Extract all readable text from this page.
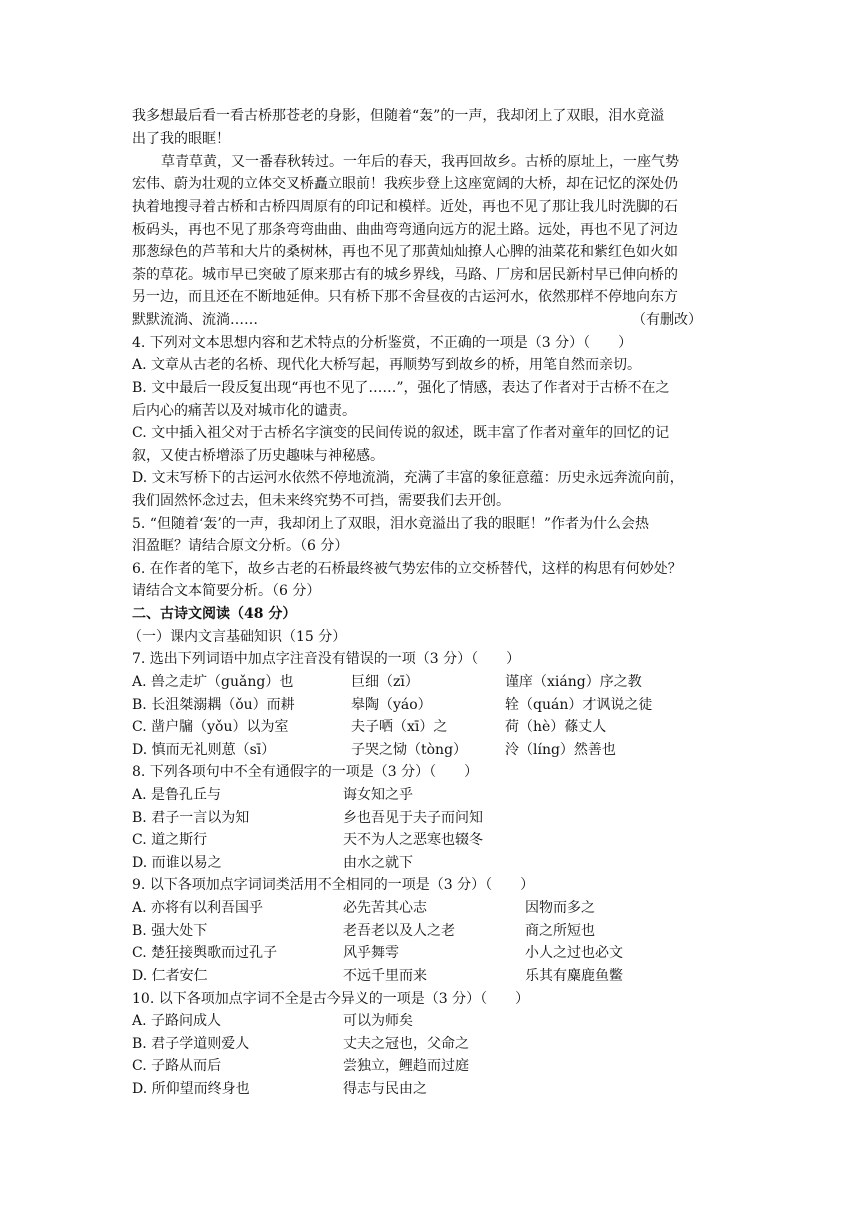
我多想最后看一看古桥那苍老的身影，但随着“轰”的一声，我却闭上了双眼，泪水竟溢
出了我的眼眶！
草青草黄，又一番春秋转过。一年后的春天，我再回故乡。古桥的原址上，一座气势
宏伟、蔚为壮观的立体交叉桥矗立眼前！我疾步登上这座宽阔的大桥，却在记忆的深处仍
执着地搜寻着古桥和古桥四周原有的印记和模样。近处，再也不见了那让我儿时洗脚的石
板码头，再也不见了那条弯弯曲曲、曲曲弯弯通向远方的泥土路。远处，再也不见了河边
那葱绿色的芦苇和大片的桑树林，再也不见了那黄灿灿撩人心脾的油菜花和紫红色如火如
荼的草花。城市早已突破了原来那古有的城乡界线，马路、厂房和居民新村早已伸向桥的
另一边，而且还在不断地延伸。只有桥下那不舍昼夜的古运河水，依然那样不停地向东方
默默流淌、流淌……	（有删改）
4. 下列对文本思想内容和艺术特点的分析鉴赏，不正确的一项是（3 分）（　　）
A. 文章从古老的名桥、现代化大桥写起，再顺势写到故乡的桥，用笔自然而亲切。
B. 文中最后一段反复出现“再也不见了……”，强化了情感，表达了作者对于古桥不在之
后内心的痛苦以及对城市化的谴责。
C. 文中插入祖父对于古桥名字演变的民间传说的叙述，既丰富了作者对童年的回忆的记
叙，又使古桥增添了历史趣味与神秘感。
D. 文末写桥下的古运河水依然不停地流淌，充满了丰富的象征意蕴：历史永远奔流向前，
我们固然怀念过去，但未来终究势不可挡，需要我们去开创。
5. “但随着‘轰’的一声，我却闭上了双眼，泪水竟溢出了我的眼眶！”作者为什么会热
泪盈眶？请结合原文分析。（6 分）
6. 在作者的笔下，故乡古老的石桥最终被气势宏伟的立交桥替代，这样的构思有何妙处？
请结合文本简要分析。（6 分）
二、古诗文阅读（48 分）
（一）课内文言基础知识（15 分）
7. 选出下列词语中加点字注音没有错误的一项（3 分）（　　）
A. 兽之走圹（guǎng）也	巨细（zī）	谨庠（xiáng）序之教
B. 长沮桀溺耦（ǒu）而耕	皋陶（yáo）	辁（quán）才讽说之徒
C. 凿户牖（yǒu）以为室	夫子哂（xī）之	荷（hè）蓧丈人
D. 慎而无礼则葸（sī）	子哭之恸（tòng）	泠（líng）然善也
8. 下列各项句中不全有通假字的一项是（3 分）（　　）
A. 是鲁孔丘与	诲女知之乎
B. 君子一言以为知	乡也吾见于夫子而问知
C. 道之斯行	天不为人之恶寒也辍冬
D. 而谁以易之	由水之就下
9. 以下各项加点字词词类活用不全相同的一项是（3 分）（　　）
A. 亦将有以利吾国乎	必先苦其心志	因物而多之
B. 强大处下	老吾老以及人之老	商之所短也
C. 楚狂接舆歌而过孔子	风乎舞雩	小人之过也必文
D. 仁者安仁	不远千里而来	乐其有麋鹿鱼鳖
10. 以下各项加点字词不全是古今异义的一项是（3 分）（　　）
A. 子路问成人	可以为师矣
B. 君子学道则爱人	丈夫之冠也，父命之
C. 子路从而后	尝独立，鲤趋而过庭
D. 所仰望而终身也	得志与民由之
